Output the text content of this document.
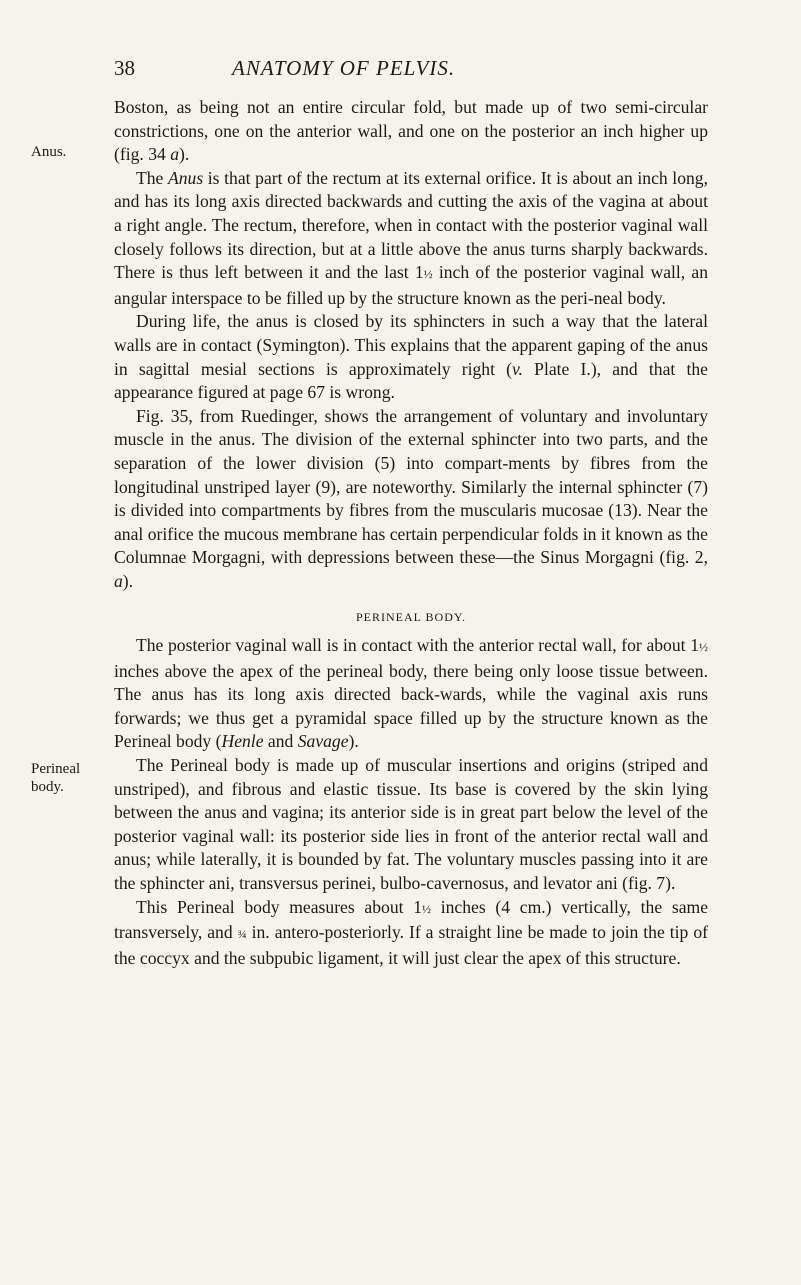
38	ANATOMY OF PELVIS.
Anus.
Perineal
body.

Boston, as being not an entire circular fold, but made up of two semi-circular constrictions, one on the anterior wall, and one on the posterior an inch higher up (fig. 34 a).

The Anus is that part of the rectum at its external orifice. It is about an inch long, and has its long axis directed backwards and cutting the axis of the vagina at about a right angle. The rectum, therefore, when in contact with the posterior vaginal wall closely follows its direction, but at a little above the anus turns sharply backwards. There is thus left between it and the last 1½ inch of the posterior vaginal wall, an angular interspace to be filled up by the structure known as the peri-neal body.

During life, the anus is closed by its sphincters in such a way that the lateral walls are in contact (Symington). This explains that the apparent gaping of the anus in sagittal mesial sections is approximately right (v. Plate I.), and that the appearance figured at page 67 is wrong.

Fig. 35, from Ruedinger, shows the arrangement of voluntary and involuntary muscle in the anus. The division of the external sphincter into two parts, and the separation of the lower division (5) into compart-ments by fibres from the longitudinal unstriped layer (9), are noteworthy. Similarly the internal sphincter (7) is divided into compartments by fibres from the muscularis mucosae (13). Near the anal orifice the mucous membrane has certain perpendicular folds in it known as the Columnae Morgagni, with depressions between these—the Sinus Morgagni (fig. 2, a).

PERINEAL BODY.

The posterior vaginal wall is in contact with the anterior rectal wall, for about 1½ inches above the apex of the perineal body, there being only loose tissue between. The anus has its long axis directed back-wards, while the vaginal axis runs forwards; we thus get a pyramidal space filled up by the structure known as the Perineal body (Henle and Savage).

The Perineal body is made up of muscular insertions and origins (striped and unstriped), and fibrous and elastic tissue. Its base is covered by the skin lying between the anus and vagina; its anterior side is in great part below the level of the posterior vaginal wall: its posterior side lies in front of the anterior rectal wall and anus; while laterally, it is bounded by fat. The voluntary muscles passing into it are the sphincter ani, transversus perinei, bulbo-cavernosus, and levator ani (fig. 7).

This Perineal body measures about 1½ inches (4 cm.) vertically, the same transversely, and ¾ in. antero-posteriorly. If a straight line be made to join the tip of the coccyx and the subpubic ligament, it will just clear the apex of this structure.
